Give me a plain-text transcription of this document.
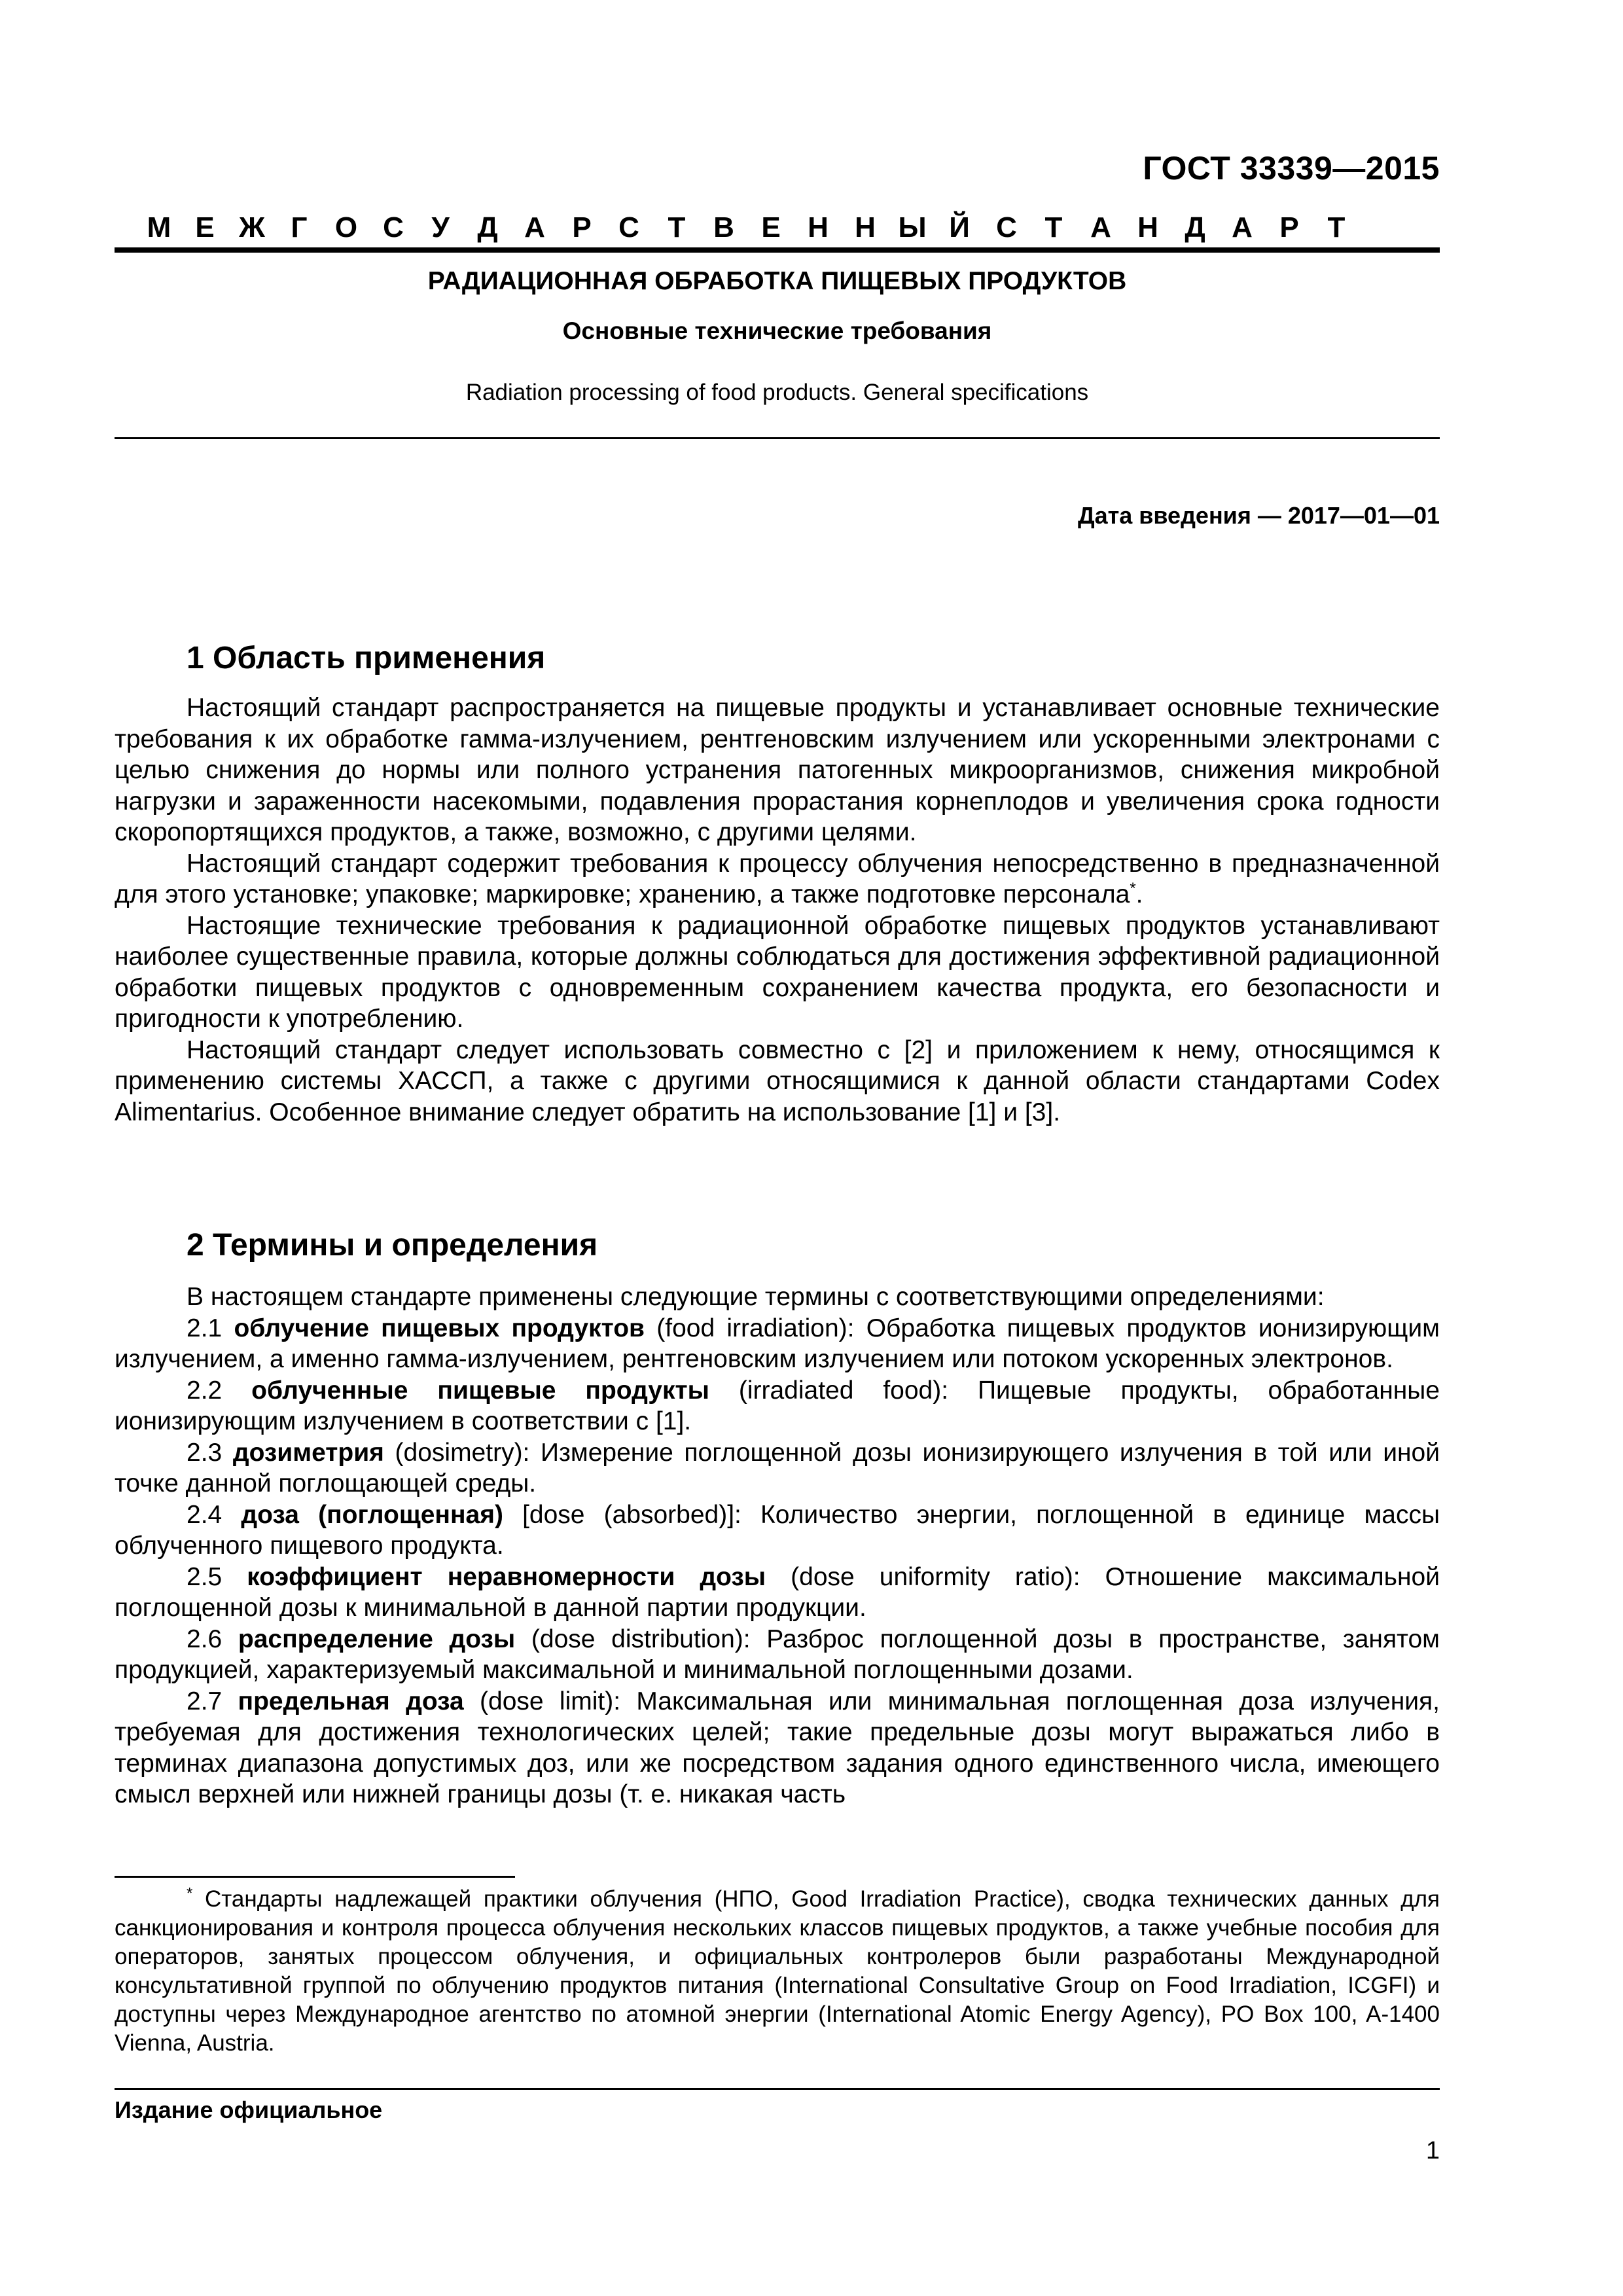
ГОСТ 33339—2015
М Е Ж Г О С У Д А Р С Т В Е Н Н Ы Й С Т А Н Д А Р Т
РАДИАЦИОННАЯ ОБРАБОТКА ПИЩЕВЫХ ПРОДУКТОВ
Основные технические требования
Radiation processing of food products. General specifications
Дата введения — 2017—01—01
1 Область применения

Настоящий стандарт распространяется на пищевые продукты и устанавливает основные технические требования к их обработке гамма-излучением, рентгеновским излучением или ускоренными электронами с целью снижения до нормы или полного устранения патогенных микроорганизмов, снижения микробной нагрузки и зараженности насекомыми, подавления прорастания корнеплодов и увеличения срока годности скоропортящихся продуктов, а также, возможно, с другими целями.

Настоящий стандарт содержит требования к процессу облучения непосредственно в предназначенной для этого установке; упаковке; маркировке; хранению, а также подготовке персонала*.

Настоящие технические требования к радиационной обработке пищевых продуктов устанавливают наиболее существенные правила, которые должны соблюдаться для достижения эффективной радиационной обработки пищевых продуктов с одновременным сохранением качества продукта, его безопасности и пригодности к употреблению.

Настоящий стандарт следует использовать совместно с [2] и приложением к нему, относящимся к применению системы ХАССП, а также с другими относящимися к данной области стандартами Codex Alimentarius. Особенное внимание следует обратить на использование [1] и [3].

2 Термины и определения

В настоящем стандарте применены следующие термины с соответствующими определениями:

2.1 облучение пищевых продуктов (food irradiation): Обработка пищевых продуктов ионизирующим излучением, а именно гамма-излучением, рентгеновским излучением или потоком ускоренных электронов.

2.2 облученные пищевые продукты (irradiated food): Пищевые продукты, обработанные ионизирующим излучением в соответствии с [1].

2.3 дозиметрия (dosimetry): Измерение поглощенной дозы ионизирующего излучения в той или иной точке данной поглощающей среды.

2.4 доза (поглощенная) [dose (absorbed)]: Количество энергии, поглощенной в единице массы облученного пищевого продукта.

2.5 коэффициент неравномерности дозы (dose uniformity ratio): Отношение максимальной поглощенной дозы к минимальной в данной партии продукции.

2.6 распределение дозы (dose distribution): Разброс поглощенной дозы в пространстве, занятом продукцией, характеризуемый максимальной и минимальной поглощенными дозами.

2.7 предельная доза (dose limit): Максимальная или минимальная поглощенная доза излучения, требуемая для достижения технологических целей; такие предельные дозы могут выражаться либо в терминах диапазона допустимых доз, или же посредством задания одного единственного числа, имеющего смысл верхней или нижней границы дозы (т. е. никакая часть

* Стандарты надлежащей практики облучения (НПО, Good Irradiation Practice), сводка технических данных для санкционирования и контроля процесса облучения нескольких классов пищевых продуктов, а также учебные пособия для операторов, занятых процессом облучения, и официальных контролеров были разработаны Международной консультативной группой по облучению продуктов питания (International Consultative Group on Food Irradiation, ICGFI) и доступны через Международное агентство по атомной энергии (International Atomic Energy Agency), PO Box 100, A-1400 Vienna, Austria.

Издание официальное
1
